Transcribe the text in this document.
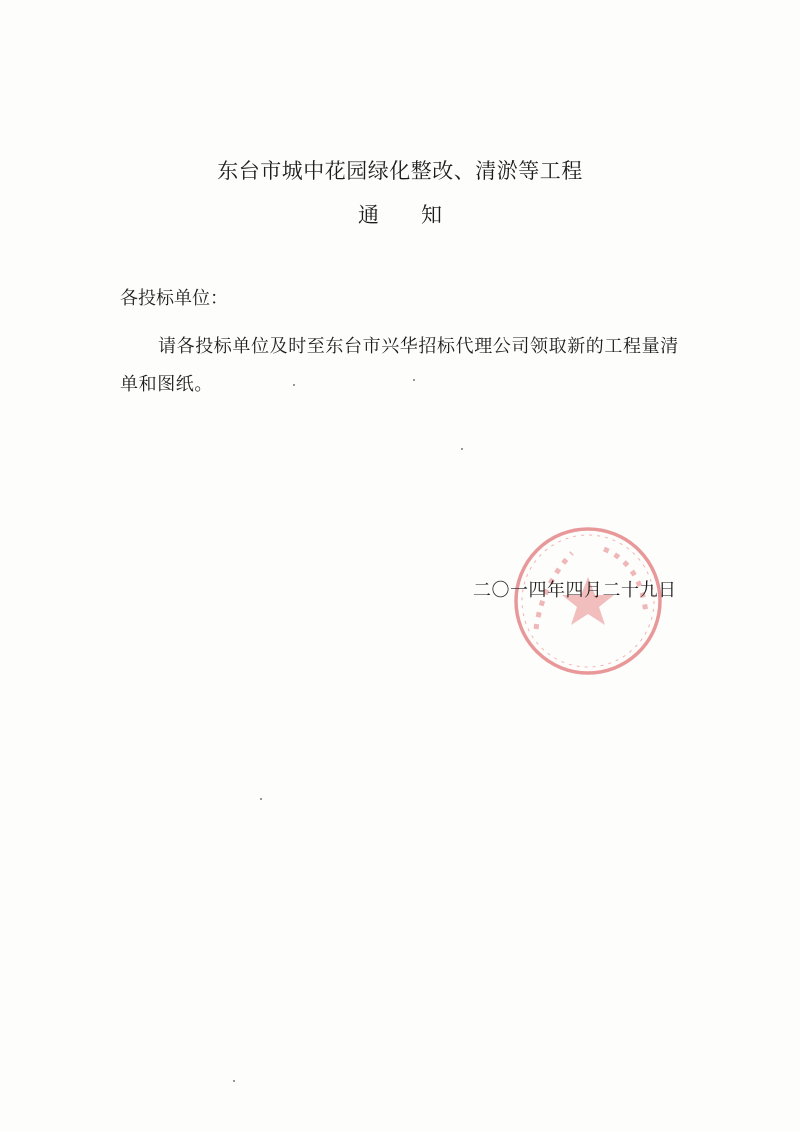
东台市城中花园绿化整改、清淤等工程
通知
各投标单位：
请各投标单位及时至东台市兴华招标代理公司领取新的工程量清单和图纸。
二〇一四年四月二十九日
